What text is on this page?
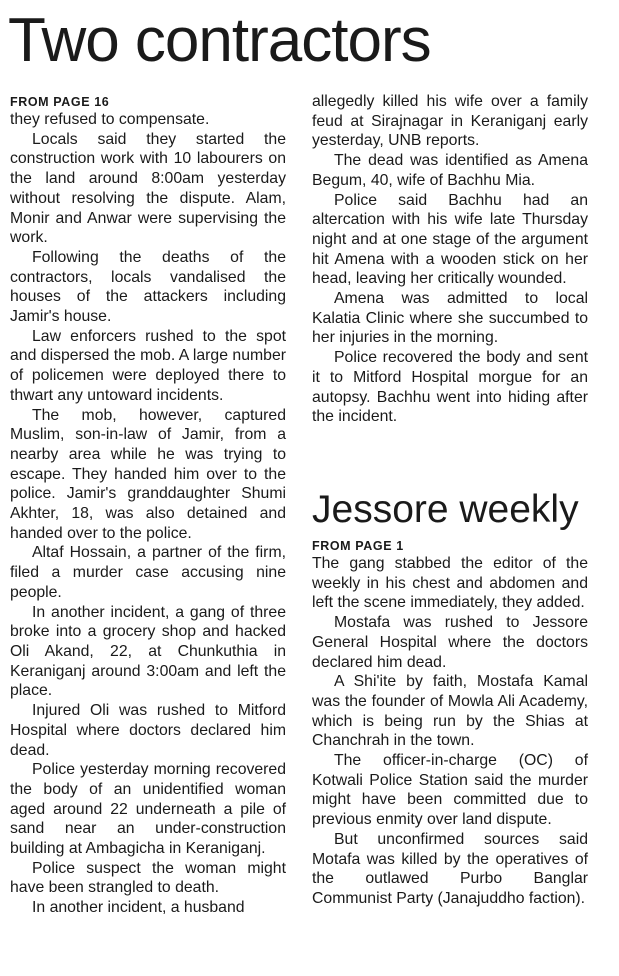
Two contractors

FROM PAGE 16

they refused to compensate.

Locals said they started the construction work with 10 labourers on the land around 8:00am yesterday without resolving the dispute. Alam, Monir and Anwar were supervising the work.

Following the deaths of the contractors, locals vandalised the houses of the attackers including Jamir's house.

Law enforcers rushed to the spot and dispersed the mob. A large number of policemen were deployed there to thwart any untoward incidents.

The mob, however, captured Muslim, son-in-law of Jamir, from a nearby area while he was trying to escape. They handed him over to the police. Jamir's granddaughter Shumi Akhter, 18, was also detained and handed over to the police.

Altaf Hossain, a partner of the firm, filed a murder case accusing nine people.

In another incident, a gang of three broke into a grocery shop and hacked Oli Akand, 22, at Chunkuthia in Keraniganj around 3:00am and left the place.

Injured Oli was rushed to Mitford Hospital where doctors declared him dead.

Police yesterday morning recovered the body of an unidentified woman aged around 22 underneath a pile of sand near an under-construction building at Ambagicha in Keraniganj.

Police suspect the woman might have been strangled to death.

In another incident, a husband

allegedly killed his wife over a family feud at Sirajnagar in Keraniganj early yesterday, UNB reports.

The dead was identified as Amena Begum, 40, wife of Bachhu Mia.

Police said Bachhu had an altercation with his wife late Thursday night and at one stage of the argument hit Amena with a wooden stick on her head, leaving her critically wounded.

Amena was admitted to local Kalatia Clinic where she succumbed to her injuries in the morning.

Police recovered the body and sent it to Mitford Hospital morgue for an autopsy. Bachhu went into hiding after the incident.

Jessore weekly

FROM PAGE 1

The gang stabbed the editor of the weekly in his chest and abdomen and left the scene immediately, they added.

Mostafa was rushed to Jessore General Hospital where the doctors declared him dead.

A Shi'ite by faith, Mostafa Kamal was the founder of Mowla Ali Academy, which is being run by the Shias at Chanchrah in the town.

The officer-in-charge (OC) of Kotwali Police Station said the murder might have been committed due to previous enmity over land dispute.

But unconfirmed sources said Motafa was killed by the operatives of the outlawed Purbo Banglar Communist Party (Janajuddho faction).
